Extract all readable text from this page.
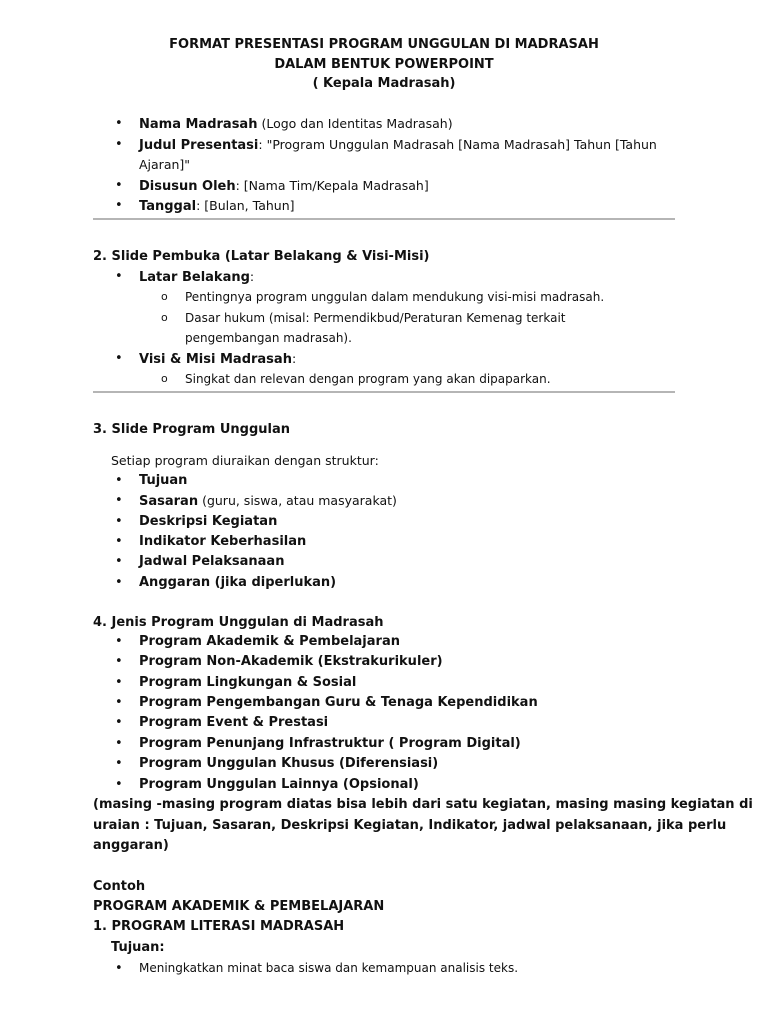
FORMAT PRESENTASI PROGRAM UNGGULAN DI MADRASAH
DALAM BENTUK POWERPOINT
( Kepala Madrasah)
• Nama Madrasah (Logo dan Identitas Madrasah)
• Judul Presentasi: "Program Unggulan Madrasah [Nama Madrasah] Tahun [Tahun
Ajaran]"
• Disusun Oleh: [Nama Tim/Kepala Madrasah]
• Tanggal: [Bulan, Tahun]
2. Slide Pembuka (Latar Belakang & Visi-Misi)
• Latar Belakang:
o Pentingnya program unggulan dalam mendukung visi-misi madrasah.
o Dasar hukum (misal: Permendikbud/Peraturan Kemenag terkait
pengembangan madrasah).
• Visi & Misi Madrasah:
o Singkat dan relevan dengan program yang akan dipaparkan.
3. Slide Program Unggulan
Setiap program diuraikan dengan struktur:
• Tujuan
• Sasaran (guru, siswa, atau masyarakat)
• Deskripsi Kegiatan
• Indikator Keberhasilan
• Jadwal Pelaksanaan
• Anggaran (jika diperlukan)
4. Jenis Program Unggulan di Madrasah
• Program Akademik & Pembelajaran
• Program Non-Akademik (Ekstrakurikuler)
• Program Lingkungan & Sosial
• Program Pengembangan Guru & Tenaga Kependidikan
• Program Event & Prestasi
• Program Penunjang Infrastruktur ( Program Digital)
• Program Unggulan Khusus (Diferensiasi)
• Program Unggulan Lainnya (Opsional)
(masing -masing program diatas bisa lebih dari satu kegiatan, masing masing kegiatan di
uraian : Tujuan, Sasaran, Deskripsi Kegiatan, Indikator, jadwal pelaksanaan, jika perlu
anggaran)
Contoh
PROGRAM AKADEMIK & PEMBELAJARAN
1. PROGRAM LITERASI MADRASAH
Tujuan:
• Meningkatkan minat baca siswa dan kemampuan analisis teks.
